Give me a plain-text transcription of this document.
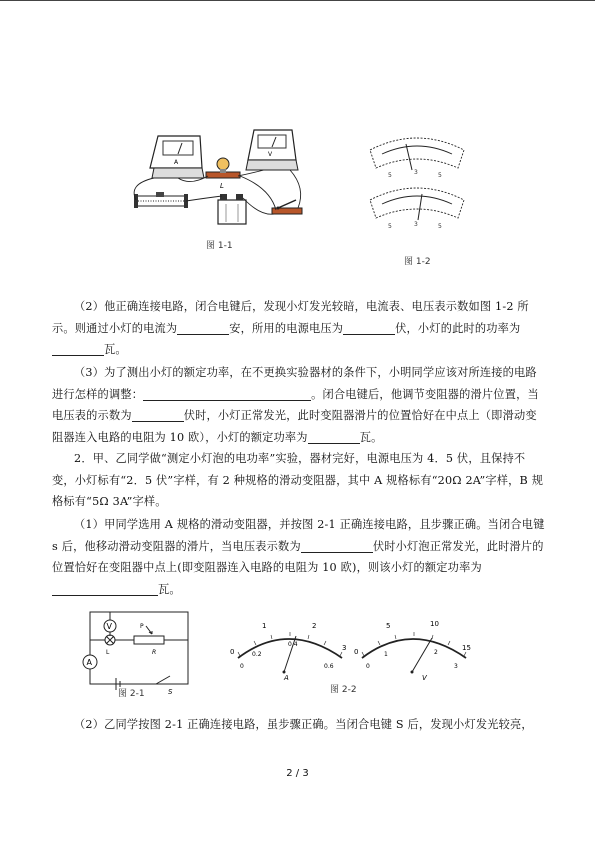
A
V
L
图 1-1
5	3	5
5	3	5
图 1-2
（2）他正确连接电路，闭合电键后，发现小灯发光较暗，电流表、电压表示数如图 1-2 所示。则通过小灯的电流为	安，所用的电源电压为	伏，小灯的此时的功率为瓦。
（3）为了测出小灯的额定功率，在不更换实验器材的条件下，小明同学应该对所连接的电路进行怎样的调整：	。闭合电键后，他调节变阻器的滑片位置，当电压表的示数为	伏时，小灯正常发光，此时变阻器滑片的位置恰好在中点上（即滑动变阻器连入电路的电阻为 10 欧），小灯的额定功率为	瓦。
2．甲、乙同学做“测定小灯泡的电功率”实验，器材完好，电源电压为 4．5 伏，且保持不变，小灯标有“2．5 伏”字样，有 2 种规格的滑动变阻器，其中 A 规格标有“20Ω 2A”字样，B 规格标有“5Ω 3A”字样。
（1）甲同学选用 A 规格的滑动变阻器，并按图 2-1 正确连接电路，且步骤正确。当闭合电键 s 后，他移动滑动变阻器的滑片，当电压表示数为	伏时小灯泡正常发光，此时滑片的位置恰好在变阻器中点上(即变阻器连入电路的电阻为 10 欧)，则该小灯的额定功率为瓦。
V
A
L
P
R
S
图 2-1
0
1	2
3
0
0.2
0.4
0.6
A
0
5	10
15
0
1	2
3
V
图 2-2
（2）乙同学按图 2-1 正确连接电路，虽步骤正确。当闭合电键 S 后，发现小灯发光较亮，
2 / 3
